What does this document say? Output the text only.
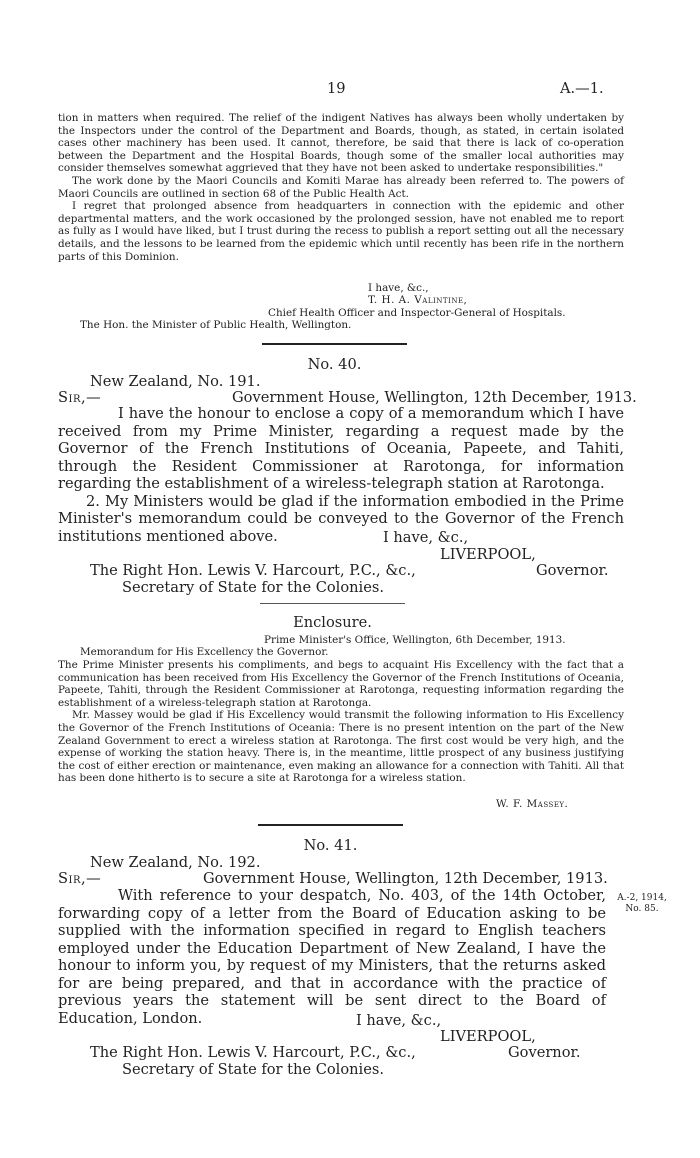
19	A.—1.

tion in matters when required. The relief of the indigent Natives has always been wholly undertaken by the Inspectors under the control of the Department and Boards, though, as stated, in certain isolated cases other machinery has been used. It cannot, therefore, be said that there is lack of co-operation between the Department and the Hospital Boards, though some of the smaller local authorities may consider themselves somewhat aggrieved that they have not been asked to undertake responsibilities."

The work done by the Maori Councils and Komiti Marae has already been referred to. The powers of Maori Councils are outlined in section 68 of the Public Health Act.

I regret that prolonged absence from headquarters in connection with the epidemic and other departmental matters, and the work occasioned by the prolonged session, have not enabled me to report as fully as I would have liked, but I trust during the recess to publish a report setting out all the necessary details, and the lessons to be learned from the epidemic which until recently has been rife in the northern parts of this Dominion.

I have, &c.,
T. H. A. Valintine,
Chief Health Officer and Inspector-General of Hospitals.
The Hon. the Minister of Public Health, Wellington.
No. 40.
New Zealand, No. 191.
Sir,—	Government House, Wellington, 12th December, 1913.

I have the honour to enclose a copy of a memorandum which I have received from my Prime Minister, regarding a request made by the Governor of the French Institutions of Oceania, Papeete, and Tahiti, through the Resident Commissioner at Rarotonga, for information regarding the establishment of a wireless-telegraph station at Rarotonga.

2. My Ministers would be glad if the information embodied in the Prime Minister's memorandum could be conveyed to the Governor of the French institutions mentioned above.	I have, &c.,
LIVERPOOL,
Governor.
The Right Hon. Lewis V. Harcourt, P.C., &c.,
Secretary of State for the Colonies.
Enclosure.
Prime Minister's Office, Wellington, 6th December, 1913.
Memorandum for His Excellency the Governor.

The Prime Minister presents his compliments, and begs to acquaint His Excellency with the fact that a communication has been received from His Excellency the Governor of the French Institutions of Oceania, Papeete, Tahiti, through the Resident Commissioner at Rarotonga, requesting information regarding the establishment of a wireless-telegraph station at Rarotonga.

Mr. Massey would be glad if His Excellency would transmit the following information to His Excellency the Governor of the French Institutions of Oceania: There is no present intention on the part of the New Zealand Government to erect a wireless station at Rarotonga. The first cost would be very high, and the expense of working the station heavy. There is, in the meantime, little prospect of any business justifying the cost of either erection or maintenance, even making an allowance for a connection with Tahiti. All that has been done hitherto is to secure a site at Rarotonga for a wireless station.

W. F. Massey.
No. 41.
New Zealand, No. 192.
Sir,—	Government House, Wellington, 12th December, 1913.

With reference to your despatch, No. 403, of the 14th October, forwarding copy of a letter from the Board of Education asking to be supplied with the information specified in regard to English teachers employed under the Education Department of New Zealand, I have the honour to inform you, by request of my Ministers, that the returns asked for are being prepared, and that in accordance with the practice of previous years the statement will be sent direct to the Board of Education, London.

A.-2, 1914,
No. 85.
I have, &c.,
LIVERPOOL,
Governor.
The Right Hon. Lewis V. Harcourt, P.C., &c.,
Secretary of State for the Colonies.
